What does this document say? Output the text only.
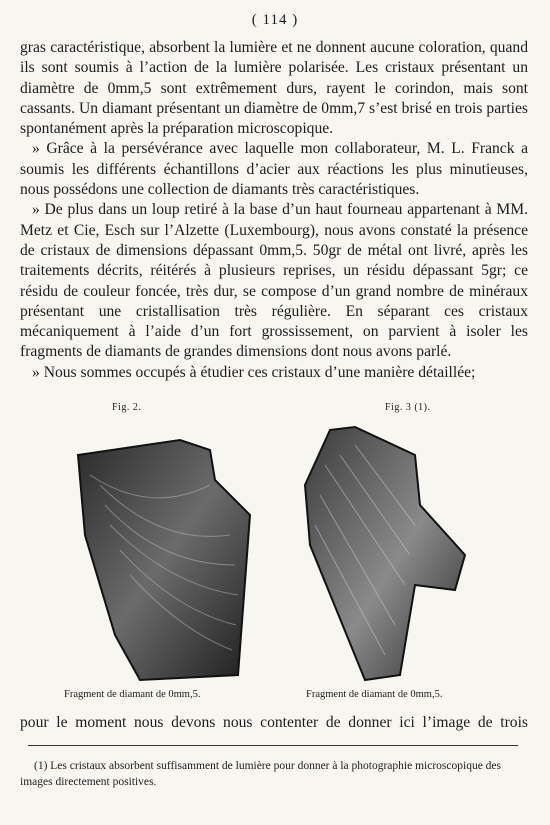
( 114 )

gras caractéristique, absorbent la lumière et ne donnent aucune coloration, quand ils sont soumis à l’action de la lumière polarisée. Les cristaux présentant un diamètre de 0mm,5 sont extrêmement durs, rayent le corindon, mais sont cassants. Un diamant présentant un diamètre de 0mm,7 s’est brisé en trois parties spontanément après la préparation microscopique.

» Grâce à la persévérance avec laquelle mon collaborateur, M. L. Franck a soumis les différents échantillons d’acier aux réactions les plus minutieuses, nous possédons une collection de diamants très caractéristiques.

» De plus dans un loup retiré à la base d’un haut fourneau appartenant à MM. Metz et Cie, Esch sur l’Alzette (Luxembourg), nous avons constaté la présence de cristaux de dimensions dépassant 0mm,5. 50gr de métal ont livré, après les traitements décrits, réitérés à plusieurs reprises, un résidu dépassant 5gr; ce résidu de couleur foncée, très dur, se compose d’un grand nombre de minéraux présentant une cristallisation très régulière. En séparant ces cristaux mécaniquement à l’aide d’un fort grossissement, on parvient à isoler les fragments de diamants de grandes dimensions dont nous avons parlé.

» Nous sommes occupés à étudier ces cristaux d’une manière détaillée;

Fig. 2.	Fig. 3 (1).
Fragment de diamant de 0mm,5.	Fragment de diamant de 0mm,5.
pour le moment nous devons nous contenter de donner ici l’image de trois
(1) Les cristaux absorbent suffisamment de lumière pour donner à la photographie microscopique des images directement positives.
